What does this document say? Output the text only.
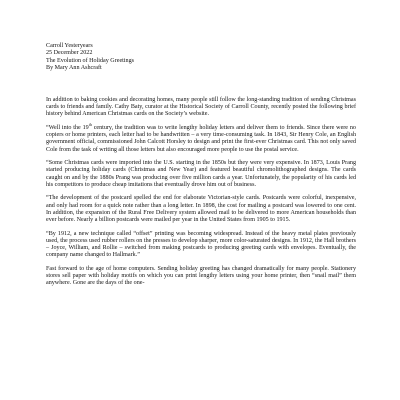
Carroll Yesteryears
25 December 2022
The Evolution of Holiday Greetings
By Mary Ann Ashcraft

In addition to baking cookies and decorating homes, many people still follow the long-standing tradition of sending Christmas cards to friends and family. Cathy Baty, curator at the Historical Society of Carroll County, recently posted the following brief history behind American Christmas cards on the Society’s website.

“Well into the 19th century, the tradition was to write lengthy holiday letters and deliver them to friends. Since there were no copiers or home printers, each letter had to be handwritten – a very time-consuming task. In 1843, Sir Henry Cole, an English government official, commissioned John Calcott Horsley to design and print the first-ever Christmas card. This not only saved Cole from the task of writing all those letters but also encouraged more people to use the postal service.

“Some Christmas cards were imported into the U.S. starting in the 1850s but they were very expensive. In 1873, Louis Prang started producing holiday cards (Christmas and New Year) and featured beautiful chromolithographed designs. The cards caught on and by the 1880s Prang was producing over five million cards a year. Unfortunately, the popularity of his cards led his competitors to produce cheap imitations that eventually drove him out of business.

“The development of the postcard spelled the end for elaborate Victorian-style cards. Postcards were colorful, inexpensive, and only had room for a quick note rather than a long letter. In 1898, the cost for mailing a postcard was lowered to one cent. In addition, the expansion of the Rural Free Delivery system allowed mail to be delivered to more American households than ever before. Nearly a billion postcards were mailed per year in the United States from 1905 to 1915.

“By 1912, a new technique called “offset” printing was becoming widespread. Instead of the heavy metal plates previously used, the process used rubber rollers on the presses to develop sharper, more color-saturated designs. In 1912, the Hall brothers – Joyce, William, and Rollie – switched from making postcards to producing greeting cards with envelopes. Eventually, the company name changed to Hallmark.”

Fast forward to the age of home computers. Sending holiday greeting has changed dramatically for many people. Stationery stores sell paper with holiday motifs on which you can print lengthy letters using your home printer, then “snail mail” them anywhere. Gone are the days of the one-
